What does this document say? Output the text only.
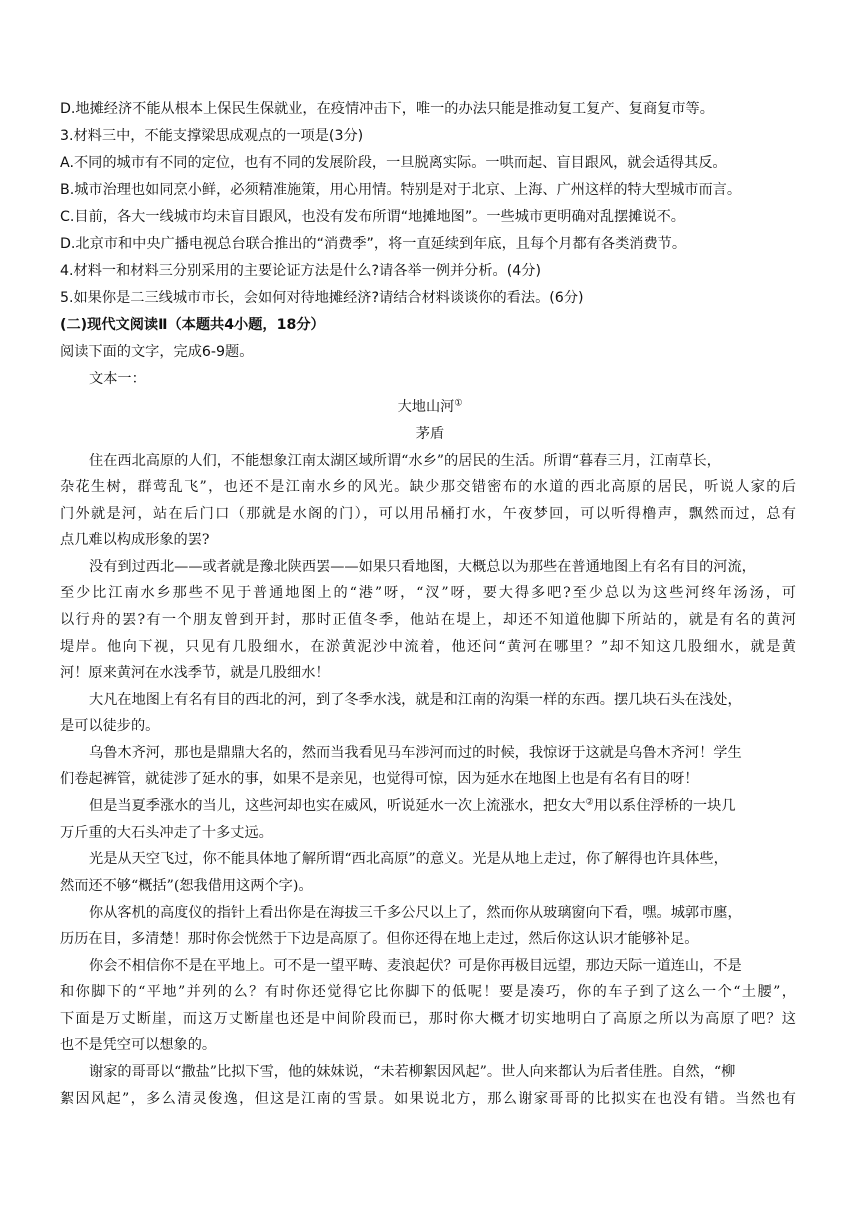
D.地摊经济不能从根本上保民生保就业，在疫情冲击下，唯一的办法只能是推动复工复产、复商复市等。
3.材料三中，不能支撑梁思成观点的一项是(3分)
A.不同的城市有不同的定位，也有不同的发展阶段，一旦脱离实际。一哄而起、盲目跟风，就会适得其反。
B.城市治理也如同烹小鲜，必须精准施策，用心用情。特别是对于北京、上海、广州这样的特大型城市而言。
C.目前，各大一线城市均未盲目跟风，也没有发布所谓“地摊地图”。一些城市更明确对乱摆摊说不。
D.北京市和中央广播电视总台联合推出的“消费季”，将一直延续到年底，且每个月都有各类消费节。
4.材料一和材料三分别采用的主要论证方法是什么?请各举一例并分析。(4分)
5.如果你是二三线城市市长，会如何对待地摊经济?请结合材料谈谈你的看法。(6分)
(二)现代文阅读Ⅱ（本题共4小题，18分）
阅读下面的文字，完成6-9题。
文本一：
大地山河①
茅盾
住在西北高原的人们，不能想象江南太湖区域所谓“水乡”的居民的生活。所谓“暮春三月，江南草长，
杂花生树，群莺乱飞”，也还不是江南水乡的风光。缺少那交错密布的水道的西北高原的居民，听说人家的后
门外就是河，站在后门口（那就是水阁的门），可以用吊桶打水，午夜梦回，可以听得橹声，飘然而过，总有
点几难以构成形象的罢?
没有到过西北——或者就是豫北陕西罢——如果只看地图，大概总以为那些在普通地图上有名有目的河流，
至少比江南水乡那些不见于普通地图上的“港”呀，“汊”呀，要大得多吧?至少总以为这些河终年汤汤，可
以行舟的罢?有一个朋友曾到开封，那时正值冬季，他站在堤上，却还不知道他脚下所站的，就是有名的黄河
堤岸。他向下视，只见有几股细水，在淤黄泥沙中流着，他还问“黄河在哪里？”却不知这几股细水，就是黄
河！原来黄河在水浅季节，就是几股细水！
大凡在地图上有名有目的西北的河，到了冬季水浅，就是和江南的沟渠一样的东西。摆几块石头在浅处，
是可以徒步的。
乌鲁木齐河，那也是鼎鼎大名的，然而当我看见马车涉河而过的时候，我惊讶于这就是乌鲁木齐河！学生
们卷起裤管，就徒涉了延水的事，如果不是亲见，也觉得可惊，因为延水在地图上也是有名有目的呀！
但是当夏季涨水的当儿，这些河却也实在威风，听说延水一次上流涨水，把女大②用以系住浮桥的一块几
万斤重的大石头冲走了十多丈远。
光是从天空飞过，你不能具体地了解所谓“西北高原”的意义。光是从地上走过，你了解得也许具体些，
然而还不够“概括”(恕我借用这两个字)。
你从客机的高度仪的指针上看出你是在海拔三千多公尺以上了，然而你从玻璃窗向下看，嘿。城郭市廛，
历历在目，多清楚！那时你会恍然于下边是高原了。但你还得在地上走过，然后你这认识才能够补足。
你会不相信你不是在平地上。可不是一望平畴、麦浪起伏？可是你再极目远望，那边天际一道连山，不是
和你脚下的“平地”并列的么？有时你还觉得它比你脚下的低呢！要是凑巧，你的车子到了这么一个“土腰”，
下面是万丈断崖，而这万丈断崖也还是中间阶段而已，那时你大概才切实地明白了高原之所以为高原了吧？这
也不是凭空可以想象的。
谢家的哥哥以“撒盐”比拟下雪，他的妹妹说，“未若柳絮因风起”。世人向来都认为后者佳胜。自然，“柳
絮因风起”，多么清灵俊逸，但这是江南的雪景。如果说北方，那么谢家哥哥的比拟实在也没有错。当然也有
